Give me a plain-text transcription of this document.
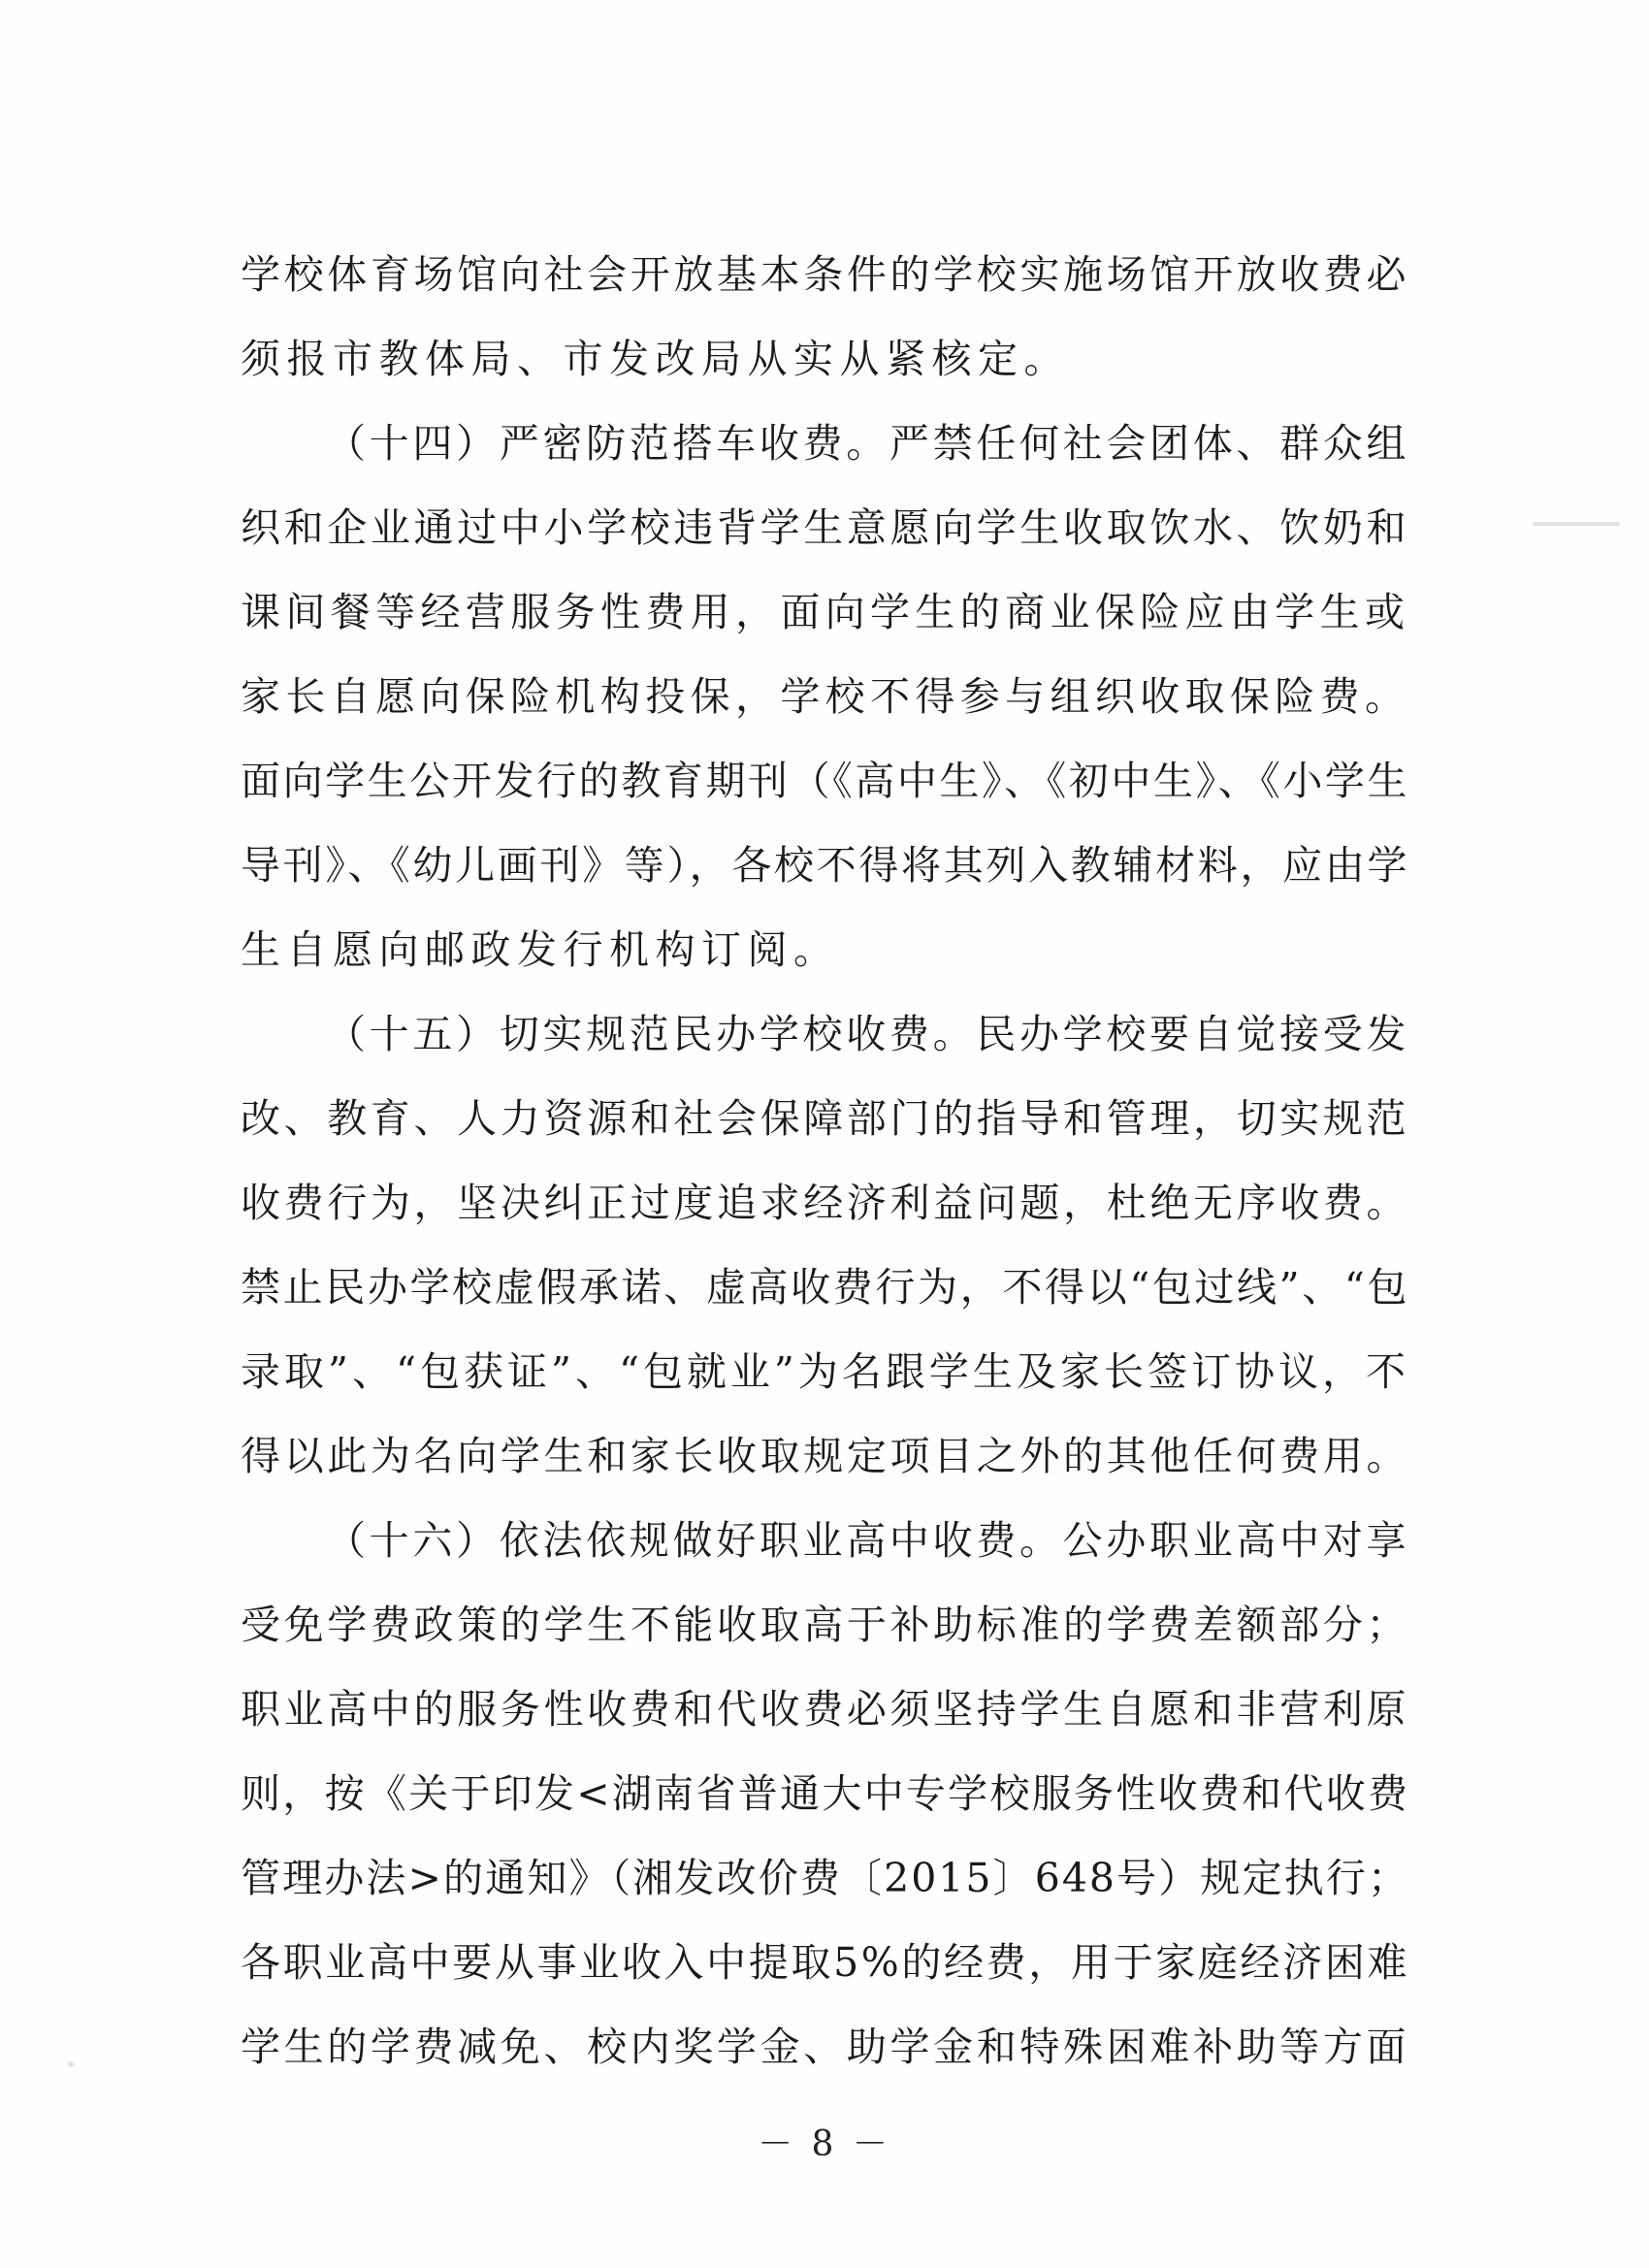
学校体育场馆向社会开放基本条件的学校实施场馆开放收费必
须报市教体局、市发改局从实从紧核定。
（十四）严密防范搭车收费。严禁任何社会团体、群众组
织和企业通过中小学校违背学生意愿向学生收取饮水、饮奶和
课间餐等经营服务性费用，面向学生的商业保险应由学生或
家长自愿向保险机构投保，学校不得参与组织收取保险费。
面向学生公开发行的教育期刊（《高中生》、《初中生》、《小学生
导刊》、《幼儿画刊》等），各校不得将其列入教辅材料，应由学
生自愿向邮政发行机构订阅。
（十五）切实规范民办学校收费。民办学校要自觉接受发
改、教育、人力资源和社会保障部门的指导和管理，切实规范
收费行为，坚决纠正过度追求经济利益问题，杜绝无序收费。
禁止民办学校虚假承诺、虚高收费行为，不得以“包过线”、“包
录取”、“包获证”、“包就业”为名跟学生及家长签订协议，不
得以此为名向学生和家长收取规定项目之外的其他任何费用。
（十六）依法依规做好职业高中收费。公办职业高中对享
受免学费政策的学生不能收取高于补助标准的学费差额部分；
职业高中的服务性收费和代收费必须坚持学生自愿和非营利原
则，按《关于印发<湖南省普通大中专学校服务性收费和代收费
管理办法>的通知》（湘发改价费〔2015〕648号）规定执行；
各职业高中要从事业收入中提取5%的经费，用于家庭经济困难
学生的学费减免、校内奖学金、助学金和特殊困难补助等方面
－ 8 －
